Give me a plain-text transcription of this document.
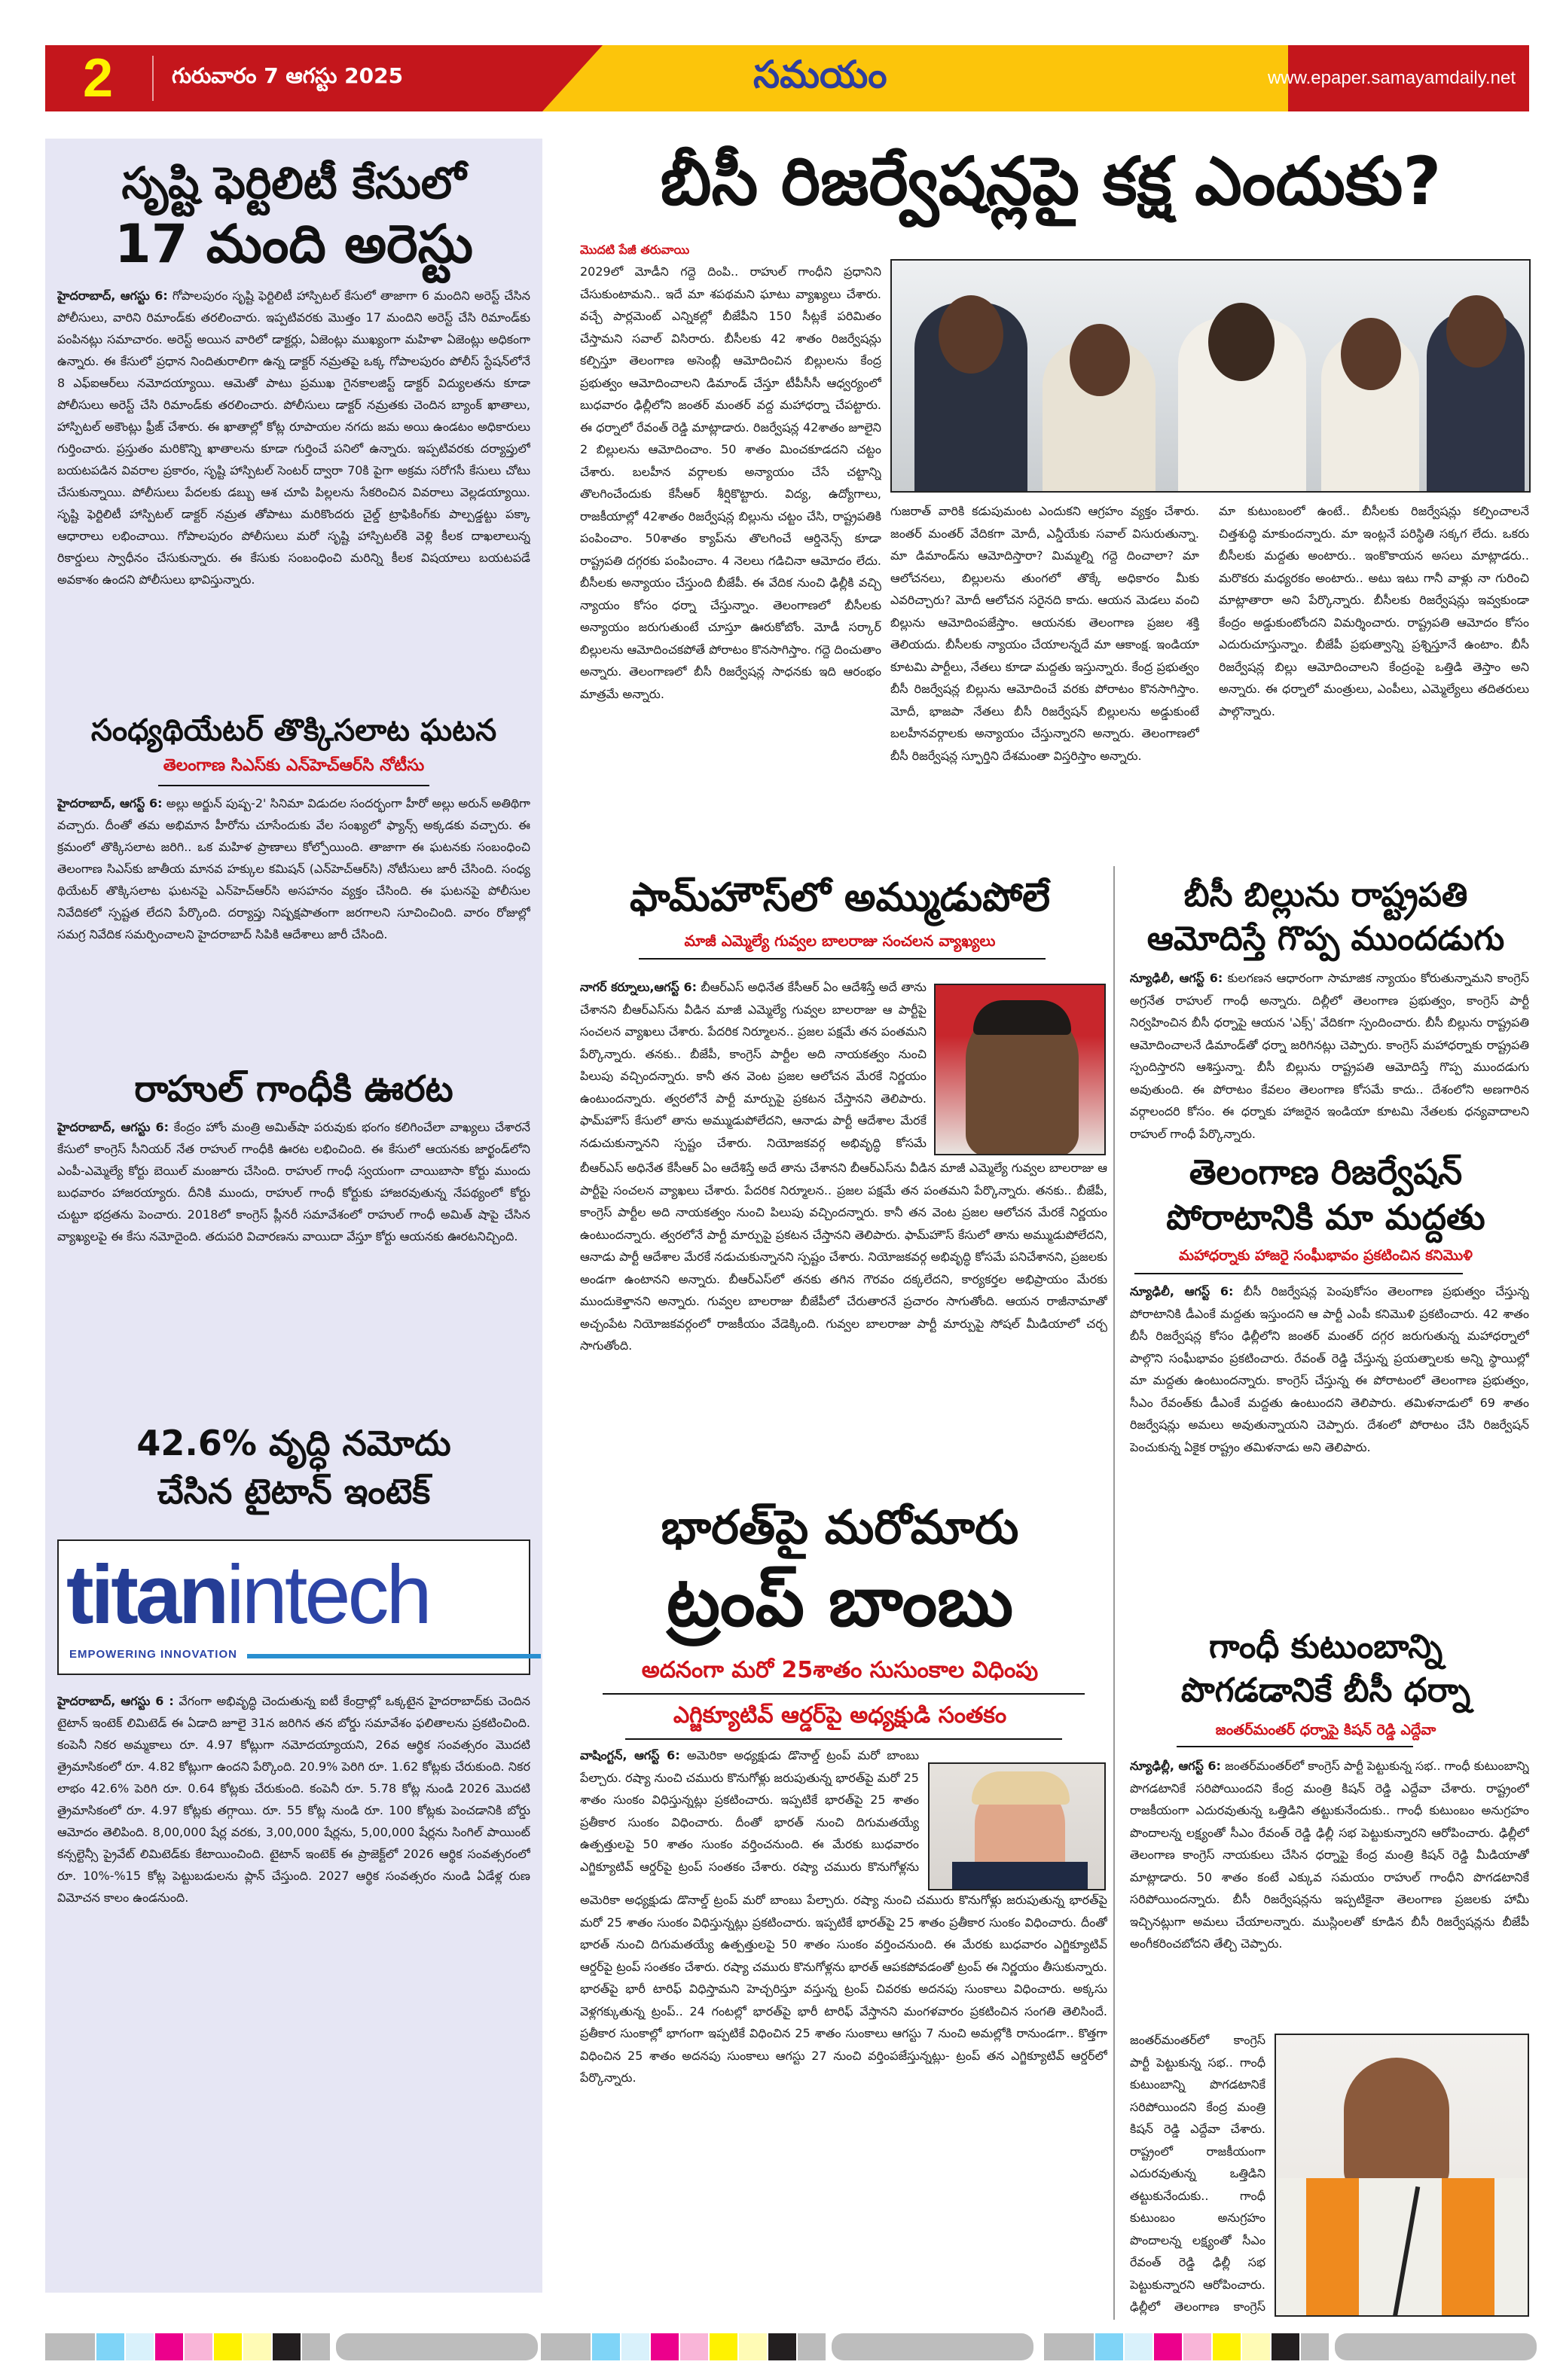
2	గురువారం 7 ఆగస్టు 2025	సమయం	www.epaper.samayamdaily.net
సృష్టి ఫెర్టిలిటీ కేసులో
17 మంది అరెస్టు
హైదరాబాద్, ఆగస్టు 6: గోపాలపురం సృష్టి ఫెర్టిలిటీ హాస్పిటల్ కేసులో తాజాగా 6 మందిని అరెస్ట్ చేసిన పోలీసులు, వారిని రిమాండ్‌కు తరలించారు. ఇప్పటివరకు మొత్తం 17 మందిని అరెస్ట్ చేసి రిమాండ్‌కు పంపినట్లు సమాచారం. అరెస్ట్ అయిన వారిలో డాక్టర్లు, ఏజెంట్లు ముఖ్యంగా మహిళా ఏజెంట్లు అధికంగా ఉన్నారు. ఈ కేసులో ప్రధాన నిందితురాలిగా ఉన్న డాక్టర్ నమ్రతపై ఒక్క గోపాలపురం పోలీస్ స్టేషన్‌లోనే 8 ఎఫ్ఐఆర్‌లు నమోదయ్యాయి. ఆమెతో పాటు ప్రముఖ గైనకాలజిస్ట్ డాక్టర్ విద్యులతను కూడా పోలీసులు అరెస్ట్ చేసి రిమాండ్‌కు తరలించారు. పోలీసులు డాక్టర్ నమ్రతకు చెందిన బ్యాంక్ ఖాతాలు, హాస్పిటల్ అకౌంట్లు ఫ్రీజ్ చేశారు. ఈ ఖాతాల్లో కోట్ల రూపాయల నగదు జమ అయి ఉండటం అధికారులు గుర్తించారు. ప్రస్తుతం మరికొన్ని ఖాతాలను కూడా గుర్తించే పనిలో ఉన్నారు. ఇప్పటివరకు దర్యాప్తులో బయటపడిన వివరాల ప్రకారం, సృష్టి హాస్పిటల్ సెంటర్ ద్వారా 70కి పైగా అక్రమ సరోగసీ కేసులు చోటు చేసుకున్నాయి. పోలీసులు పేదలకు డబ్బు ఆశ చూపి పిల్లలను సేకరించిన వివరాలు వెల్లడయ్యాయి. సృష్టి ఫెర్టిలిటీ హాస్పిటల్ డాక్టర్ నమ్రత తోపాటు మరికొందరు చైల్డ్ ట్రాఫికింగ్‌కు పాల్పడ్డట్టు పక్కా ఆధారాలు లభించాయి. గోపాలపురం పోలీసులు మరో సృష్టి హాస్పిటల్‌కి వెళ్లి కీలక దాఖలాలున్న రికార్డులు స్వాధీనం చేసుకున్నారు. ఈ కేసుకు సంబంధించి మరిన్ని కీలక విషయాలు బయటపడే అవకాశం ఉందని పోలీసులు భావిస్తున్నారు.
సంధ్యథియేటర్ తొక్కిసలాట ఘటన
తెలంగాణ సిఎస్‌కు ఎన్‌హెచ్‌ఆర్‌సి నోటీసు
హైదరాబాద్, ఆగస్ట్ 6: అల్లు అర్జున్ పుష్ప-2' సినిమా విడుదల సందర్భంగా హీరో అల్లు అరున్ అతిథిగా వచ్చారు. దీంతో తమ అభిమాన హీరోను చూసేందుకు వేల సంఖ్యలో ఫ్యాన్స్ అక్కడకు వచ్చారు. ఈ క్రమంలో తొక్కిసలాట జరిగి.. ఒక మహిళ ప్రాణాలు కోల్పోయింది. తాజాగా ఈ ఘటనకు సంబంధించి తెలంగాణ సిఎస్‌కు జాతీయ మానవ హక్కుల కమిషన్ (ఎన్‌హెచ్‌ఆర్‌సి) నోటీసులు జారీ చేసింది. సంధ్య థియేటర్ తొక్కిసలాట ఘటనపై ఎన్‌హెచ్‌ఆర్‌సి అసహనం వ్యక్తం చేసింది. ఈ ఘటనపై పోలీసుల నివేదికలో స్పష్టత లేదని పేర్కొంది. దర్యాప్తు నిష్పక్షపాతంగా జరగాలని సూచించింది. వారం రోజుల్లో సమగ్ర నివేదిక సమర్పించాలని హైదరాబాద్ సిపికి ఆదేశాలు జారీ చేసింది.
రాహుల్ గాంధీకి ఊరట
హైదరాబాద్, ఆగస్టు 6: కేంద్రం హోం మంత్రి అమిత్‌షా పరువుకు భంగం కలిగించేలా వాఖ్యలు చేశారనే కేసులో కాంగ్రెస్ సీనియర్ నేత రాహుల్ గాంధీకి ఊరట లభించింది. ఈ కేసులో ఆయనకు జార్ఖండ్‌లోని ఎంపీ-ఎమ్మెల్యే కోర్టు బెయిల్ మంజూరు చేసింది. రాహుల్ గాంధీ స్వయంగా చాయిబాసా కోర్టు ముందు బుధవారం హాజరయ్యారు. దీనికి ముందు, రాహుల్ గాంధీ కోర్టుకు హాజరవుతున్న నేపథ్యంలో కోర్టు చుట్టూ భద్రతను పెంచారు. 2018లో కాంగ్రెస్ ప్లీనరీ సమావేశంలో రాహుల్ గాంధీ అమిత్ షాపై చేసిన వ్యాఖ్యలపై ఈ కేసు నమోదైంది. తదుపరి విచారణను వాయిదా వేస్తూ కోర్టు ఆయనకు ఊరటనిచ్చింది.
42.6% వృద్ధి నమోదు
చేసిన టైటాన్ ఇంటెక్
titanintech
EMPOWERING INNOVATION
హైదరాబాద్, ఆగస్టు 6 : వేగంగా అభివృద్ధి చెందుతున్న ఐటీ కేంద్రాల్లో ఒక్కటైన హైదరాబాద్‌కు చెందిన టైటాన్ ఇంటెక్ లిమిటెడ్ ఈ ఏడాది జూలై 31న జరిగిన తన బోర్డు సమావేశం ఫలితాలను ప్రకటించింది. కంపెనీ నికర అమ్మకాలు రూ. 4.97 కోట్లుగా నమోదయ్యాయని, 26వ ఆర్థిక సంవత్సరం మొదటి త్రైమాసికంలో రూ. 4.82 కోట్లుగా ఉందని పేర్కొంది. 20.9% పెరిగి రూ. 1.62 కోట్లకు చేరుకుంది. నికర లాభం 42.6% పెరిగి రూ. 0.64 కోట్లకు చేరుకుంది. కంపెనీ రూ. 5.78 కోట్ల నుండి 2026 మొదటి త్రైమాసికంలో రూ. 4.97 కోట్లకు తగ్గాయి. రూ. 55 కోట్ల నుండి రూ. 100 కోట్లకు పెంచడానికి బోర్డు ఆమోదం తెలిపింది. 8,00,000 షేర్ల వరకు, 3,00,000 షేర్లను, 5,00,000 షేర్లను సింగిల్ పాయింట్ కన్సల్టెన్సీ ప్రైవేట్ లిమిటెడ్‌కు కేటాయించింది. టైటాన్ ఇంటెక్ ఈ ప్రాజెక్ట్‌లో 2026 ఆర్థిక సంవత్సరంలో రూ. 10%-%15 కోట్ల పెట్టుబడులను ప్లాన్ చేస్తుంది. 2027 ఆర్థిక సంవత్సరం నుండి ఏడేళ్ల రుణ విమోచన కాలం ఉండనుంది.
బీసీ రిజర్వేషన్లపై కక్ష ఎందుకు?
మొదటి పేజీ తరువాయి
2029లో మోడీని గద్దె దింపి.. రాహుల్ గాంధీని ప్రధానిని చేసుకుంటామని.. ఇదే మా శపథమని ఘాటు వ్యాఖ్యలు చేశారు. వచ్చే పార్లమెంట్ ఎన్నికల్లో బీజేపీని 150 సీట్లకే పరిమితం చేస్తామని సవాల్ విసిరారు. బీసీలకు 42 శాతం రిజర్వేషన్లు కల్పిస్తూ తెలంగాణ అసెంబ్లీ ఆమోదించిన బిల్లులను కేంద్ర ప్రభుత్వం ఆమోదించాలని డిమాండ్ చేస్తూ టీపీసీసీ ఆధ్వర్యంలో బుధవారం ఢిల్లీలోని జంతర్ మంతర్ వద్ద మహాధర్నా చేపట్టారు. ఈ ధర్నాలో రేవంత్ రెడ్డి మాట్లాడారు. రిజర్వేషన్ల 42శాతం జూలైని 2 బిల్లులను ఆమోదించాం. 50 శాతం మించకూడదని చట్టం చేశారు. బలహీన వర్గాలకు అన్యాయం చేసే చట్టాన్ని తొలగించేందుకు కేసీఆర్ శీర్షికొట్టారు. విద్య, ఉద్యోగాలు, రాజకీయాల్లో 42శాతం రిజర్వేషన్ల బిల్లును చట్టం చేసి, రాష్ట్రపతికి పంపించాం. 50శాతం క్యాప్‌ను తొలగించే ఆర్డినెన్స్ కూడా రాష్ట్రపతి దగ్గరకు పంపించాం. 4 నెలలు గడిచినా ఆమోదం లేదు. బీసీలకు అన్యాయం చేస్తుంది బీజేపీ. ఈ వేదిక నుంచి ఢిల్లీకి వచ్చి న్యాయం కోసం ధర్నా చేస్తున్నాం. తెలంగాణలో బీసీలకు అన్యాయం జరుగుతుంటే చూస్తూ ఊరుకోబోం. మోడీ సర్కార్ బిల్లులను ఆమోదించకపోతే పోరాటం కొనసాగిస్తాం. గద్దె దించుతాం అన్నారు. తెలంగాణలో బీసీ రిజర్వేషన్ల సాధనకు ఇది ఆరంభం మాత్రమే అన్నారు.
గుజరాత్ వారికి కడుపుమంట ఎందుకని ఆగ్రహం వ్యక్తం చేశారు. జంతర్ మంతర్ వేదికగా మోదీ, ఎన్డీయేకు సవాల్ విసురుతున్నా. మా డిమాండ్‌ను ఆమోదిస్తారా? మిమ్మల్ని గద్దె దించాలా? మా ఆలోచనలు, బిల్లులను తుంగలో తొక్కే అధికారం మీకు ఎవరిచ్చారు? మోదీ ఆలోచన సరైనది కాదు. ఆయన మెడలు వంచి బిల్లును ఆమోదింపజేస్తాం. ఆయనకు తెలంగాణ ప్రజల శక్తి తెలియదు. బీసీలకు న్యాయం చేయాలన్నదే మా ఆకాంక్ష. ఇండియా కూటమి పార్టీలు, నేతలు కూడా మద్దతు ఇస్తున్నారు. కేంద్ర ప్రభుత్వం బీసీ రిజర్వేషన్ల బిల్లును ఆమోదించే వరకు పోరాటం కొనసాగిస్తాం. మోదీ, భాజపా నేతలు బీసీ రిజర్వేషన్ బిల్లులను అడ్డుకుంటే బలహీనవర్గాలకు అన్యాయం చేస్తున్నారని అన్నారు. తెలంగాణలో బీసీ రిజర్వేషన్ల స్ఫూర్తిని దేశమంతా విస్తరిస్తాం అన్నారు.
మా కుటుంబంలో ఉంటే.. బీసీలకు రిజర్వేషన్లు కల్పించాలనే చిత్తశుద్ధి మాకుందన్నారు. మా ఇంట్లనే పరిస్థితి సక్కగ లేదు. ఒకరు బీసీలకు మద్దతు అంటారు.. ఇంకొకాయన అసలు మాట్లాడరు.. మరొకరు మధ్యరకం అంటారు.. అటు ఇటు గానీ వాళ్లు నా గురించి మాట్లాతారా అని పేర్కొన్నారు. బీసీలకు రిజర్వేషన్లు ఇవ్వకుండా కేంద్రం అడ్డుకుంటోందని విమర్శించారు. రాష్ట్రపతి ఆమోదం కోసం ఎదురుచూస్తున్నాం. బీజేపీ ప్రభుత్వాన్ని ప్రశ్నిస్తూనే ఉంటాం. బీసీ రిజర్వేషన్ల బిల్లు ఆమోదించాలని కేంద్రంపై ఒత్తిడి తెస్తాం అని అన్నారు. ఈ ధర్నాలో మంత్రులు, ఎంపీలు, ఎమ్మెల్యేలు తదితరులు పాల్గొన్నారు.
ఫామ్‌హౌస్‌లో అమ్ముడుపోలే
మాజీ ఎమ్మెల్యే గువ్వల బాలరాజు సంచలన వ్యాఖ్యలు
నాగర్ కర్నూలు,ఆగస్ట్ 6: బీఆర్ఎస్ అధినేత కేసీఆర్ ఏం ఆదేశిస్తే అదే తాను చేశానని బీఆర్ఎస్‌ను వీడిన మాజీ ఎమ్మెల్యే గువ్వల బాలరాజు ఆ పార్టీపై సంచలన వ్యాఖలు చేశారు. పేదరిక నిర్మూలన.. ప్రజల పక్షమే తన పంతమని పేర్కొన్నారు. తనకు.. బీజేపీ, కాంగ్రెస్ పార్టీల అది నాయకత్వం నుంచి పిలుపు వచ్చిందన్నారు. కానీ తన వెంట ప్రజల ఆలోచన మేరకే నిర్ణయం ఉంటుందన్నారు. త్వరలోనే పార్టీ మార్పుపై ప్రకటన చేస్తానని తెలిపారు. ఫామ్‌హౌస్ కేసులో తాను అమ్ముడుపోలేదని, ఆనాడు పార్టీ ఆదేశాల మేరకే నడుచుకున్నానని స్పష్టం చేశారు. నియోజకవర్గ అభివృద్ధి కోసమే
బీఆర్ఎస్ అధినేత కేసీఆర్ ఏం ఆదేశిస్తే అదే తాను చేశానని బీఆర్ఎస్‌ను వీడిన మాజీ ఎమ్మెల్యే గువ్వల బాలరాజు ఆ పార్టీపై సంచలన వ్యాఖలు చేశారు. పేదరిక నిర్మూలన.. ప్రజల పక్షమే తన పంతమని పేర్కొన్నారు. తనకు.. బీజేపీ, కాంగ్రెస్ పార్టీల అది నాయకత్వం నుంచి పిలుపు వచ్చిందన్నారు. కానీ తన వెంట ప్రజల ఆలోచన మేరకే నిర్ణయం ఉంటుందన్నారు. త్వరలోనే పార్టీ మార్పుపై ప్రకటన చేస్తానని తెలిపారు. ఫామ్‌హౌస్ కేసులో తాను అమ్ముడుపోలేదని, ఆనాడు పార్టీ ఆదేశాల మేరకే నడుచుకున్నానని స్పష్టం చేశారు. నియోజకవర్గ అభివృద్ధి కోసమే పనిచేశానని, ప్రజలకు అండగా ఉంటానని అన్నారు. బీఆర్ఎస్‌లో తనకు తగిన గౌరవం దక్కలేదని, కార్యకర్తల అభిప్రాయం మేరకు ముందుకెళ్తానని అన్నారు. గువ్వల బాలరాజు బీజేపీలో చేరుతారనే ప్రచారం సాగుతోంది. ఆయన రాజీనామాతో అచ్చంపేట నియోజకవర్గంలో రాజకీయం వేడెక్కింది. గువ్వల బాలరాజు పార్టీ మార్పుపై సోషల్ మీడియాలో చర్చ సాగుతోంది.
భారత్‌పై మరోమారు
ట్రంప్ బాంబు
అదనంగా మరో 25శాతం సుసుంకాల విధింపు
ఎగ్జిక్యూటివ్ ఆర్డర్‌పై అధ్యక్షుడి సంతకం
వాషింగ్టన్, ఆగస్ట్ 6: అమెరికా అధ్యక్షుడు డొనాల్డ్ ట్రంప్ మరో బాంబు పేల్చారు. రష్యా నుంచి చమురు కొనుగోళ్లు జరుపుతున్న భారత్‌పై మరో 25 శాతం సుంకం విధిస్తున్నట్లు ప్రకటించారు. ఇప్పటికే భారత్‌పై 25 శాతం ప్రతీకార సుంకం విధించారు. దీంతో భారత్ నుంచి దిగుమతయ్యే ఉత్పత్తులపై 50 శాతం సుంకం వర్తించనుంది. ఈ మేరకు బుధవారం ఎగ్జిక్యూటివ్ ఆర్డర్‌పై ట్రంప్ సంతకం చేశారు. రష్యా చమురు కొనుగోళ్లను
అమెరికా అధ్యక్షుడు డొనాల్డ్ ట్రంప్ మరో బాంబు పేల్చారు. రష్యా నుంచి చమురు కొనుగోళ్లు జరుపుతున్న భారత్‌పై మరో 25 శాతం సుంకం విధిస్తున్నట్లు ప్రకటించారు. ఇప్పటికే భారత్‌పై 25 శాతం ప్రతీకార సుంకం విధించారు. దీంతో భారత్ నుంచి దిగుమతయ్యే ఉత్పత్తులపై 50 శాతం సుంకం వర్తించనుంది. ఈ మేరకు బుధవారం ఎగ్జిక్యూటివ్ ఆర్డర్‌పై ట్రంప్ సంతకం చేశారు. రష్యా చమురు కొనుగోళ్లను భారత్ ఆపకపోవడంతో ట్రంప్ ఈ నిర్ణయం తీసుకున్నారు. భారత్‌పై భారీ టారిఫ్ విధిస్తామని హెచ్చరిస్తూ వస్తున్న ట్రంప్ చివరకు అదనపు సుంకాలు విధించారు. అక్కసు వెళ్లగక్కుతున్న ట్రంప్.. 24 గంటల్లో భారత్‌పై భారీ టారిఫ్ వేస్తానని మంగళవారం ప్రకటించిన సంగతి తెలిసిందే. ప్రతీకార సుంకాల్లో భాగంగా ఇప్పటికే విధించిన 25 శాతం సుంకాలు ఆగస్టు 7 నుంచి అమల్లోకి రానుండగా.. కొత్తగా విధించిన 25 శాతం అదనపు సుంకాలు ఆగస్టు 27 నుంచి వర్తింపజేస్తున్నట్లు- ట్రంప్ తన ఎగ్జిక్యూటివ్ ఆర్డర్‌లో పేర్కొన్నారు.
బీసీ బిల్లును రాష్ట్రపతి
ఆమోదిస్తే గొప్ప ముందడుగు
న్యూఢిలీ, ఆగస్ట్ 6: కులగణన ఆధారంగా సామాజిక న్యాయం కోరుతున్నామని కాంగ్రెస్ అగ్రనేత రాహుల్ గాంధీ అన్నారు. దిల్లీలో తెలంగాణ ప్రభుత్వం, కాంగ్రెస్ పార్టీ నిర్వహించిన బీసీ ధర్నాపై ఆయన 'ఎక్స్' వేదికగా స్పందించారు. బీసీ బిల్లును రాష్ట్రపతి ఆమోదించాలనే డిమాండ్‌తో ధర్నా జరిగినట్లు చెప్పారు. కాంగ్రెస్ మహాధర్నాకు రాష్ట్రపతి స్పందిస్తారని ఆశిస్తున్నా. బీసీ బిల్లును రాష్ట్రపతి ఆమోదిస్తే గొప్ప ముందడుగు అవుతుంది. ఈ పోరాటం కేవలం తెలంగాణ కోసమే కాదు.. దేశంలోని అణగారిన వర్గాలందరి కోసం. ఈ ధర్నాకు హాజరైన ఇండియా కూటమి నేతలకు ధన్యవాదాలని రాహుల్ గాంధీ పేర్కొన్నారు.
తెలంగాణ రిజర్వేషన్
పోరాటానికి మా మద్దతు
మహాధర్నాకు హాజరై సంఘీభావం ప్రకటించిన కనిమొళి
న్యూఢిలీ, ఆగస్ట్ 6: బీసీ రిజర్వేషన్ల పెంపుకోసం తెలంగాణ ప్రభుత్వం చేస్తున్న పోరాటానికి డీఎంకే మద్దతు ఇస్తుందని ఆ పార్టీ ఎంపీ కనిమొళి ప్రకటించారు. 42 శాతం బీసీ రిజర్వేషన్ల కోసం ఢిల్లీలోని జంతర్ మంతర్ దగ్గర జరుగుతున్న మహాధర్నాలో పాల్గొని సంఘీభావం ప్రకటించారు. రేవంత్ రెడ్డి చేస్తున్న ప్రయత్నాలకు అన్ని స్థాయిల్లో మా మద్దతు ఉంటుందన్నారు. కాంగ్రెస్ చేస్తున్న ఈ పోరాటంలో తెలంగాణ ప్రభుత్వం, సీఎం రేవంత్‌కు డీఎంకే మద్దతు ఉంటుందని తెలిపారు. తమిళనాడులో 69 శాతం రిజర్వేషన్లు అమలు అవుతున్నాయని చెప్పారు. దేశంలో పోరాటం చేసి రిజర్వేషన్ పెంచుకున్న ఏకైక రాష్ట్రం తమిళనాడు అని తెలిపారు.
గాంధీ కుటుంబాన్ని
పొగడడానికే బీసీ ధర్నా
జంతర్‌మంతర్ ధర్నాపై కిషన్ రెడ్డి ఎద్దేవా
న్యూఢిల్లీ, ఆగస్ట్ 6: జంతర్‌మంతర్‌లో కాంగ్రెస్ పార్టీ పెట్టుకున్న సభ.. గాంధీ కుటుంబాన్ని పొగడటానికే సరిపోయిందని కేంద్ర మంత్రి కిషన్ రెడ్డి ఎద్దేవా చేశారు. రాష్ట్రంలో రాజకీయంగా ఎదురవుతున్న ఒత్తిడిని తట్టుకునేందుకు.. గాంధీ కుటుంబం అనుగ్రహం పొందాలన్న లక్ష్యంతో సీఎం రేవంత్ రెడ్డి ఢిల్లీ సభ పెట్టుకున్నారని ఆరోపించారు. ఢిల్లీలో తెలంగాణ కాంగ్రెస్ నాయకులు చేసిన ధర్నాపై కేంద్ర మంత్రి కిషన్ రెడ్డి మీడియాతో మాట్లాడారు. 50 శాతం కంటే ఎక్కువ సమయం రాహుల్ గాంధీని పొగడటానికే సరిపోయిందన్నారు. బీసీ రిజర్వేషన్లను ఇప్పటికైనా తెలంగాణ ప్రజలకు హామీ ఇచ్చినట్లుగా అమలు చేయాలన్నారు. ముస్లింలతో కూడిన బీసీ రిజర్వేషన్లను బీజేపీ అంగీకరించబోదని తేల్చి చెప్పారు.
జంతర్‌మంతర్‌లో కాంగ్రెస్ పార్టీ పెట్టుకున్న సభ.. గాంధీ కుటుంబాన్ని పొగడటానికే సరిపోయిందని కేంద్ర మంత్రి కిషన్ రెడ్డి ఎద్దేవా చేశారు. రాష్ట్రంలో రాజకీయంగా ఎదురవుతున్న ఒత్తిడిని తట్టుకునేందుకు.. గాంధీ కుటుంబం అనుగ్రహం పొందాలన్న లక్ష్యంతో సీఎం రేవంత్ రెడ్డి ఢిల్లీ సభ పెట్టుకున్నారని ఆరోపించారు. ఢిల్లీలో తెలంగాణ కాంగ్రెస్
